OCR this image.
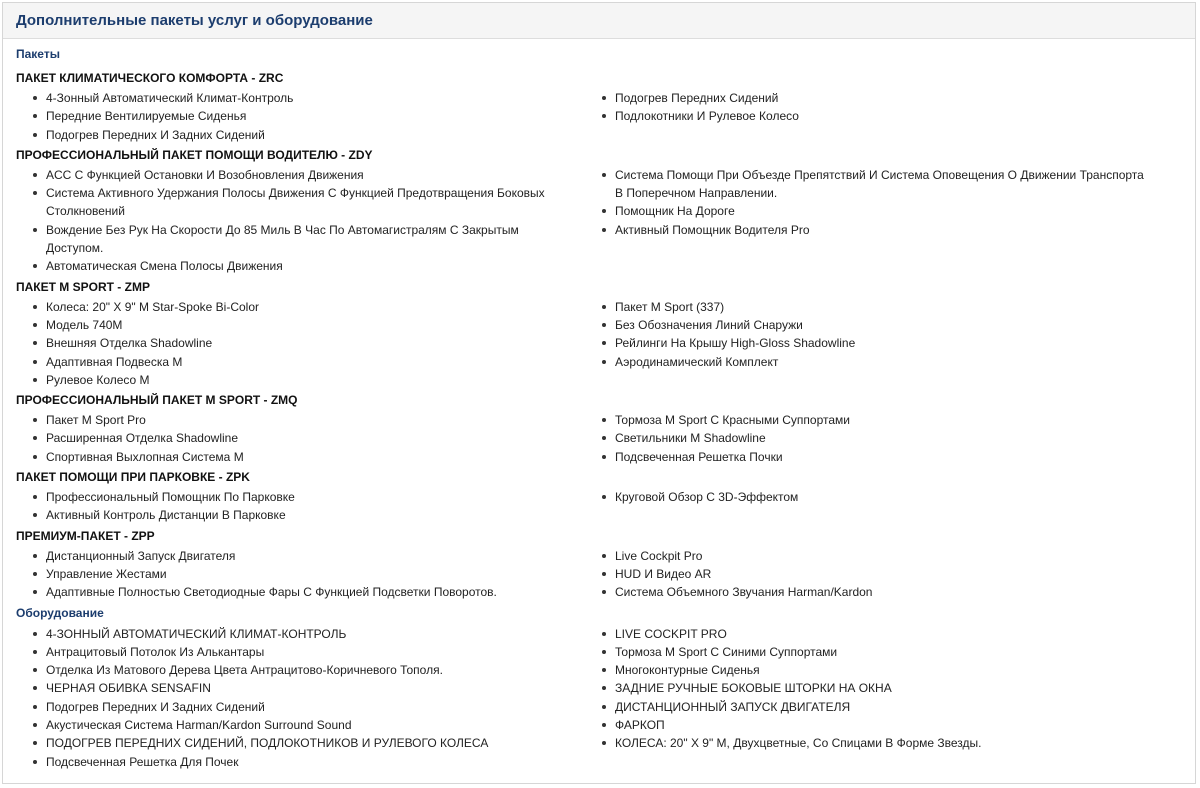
Дополнительные пакеты услуг и оборудование
Пакеты
ПАКЕТ КЛИМАТИЧЕСКОГО КОМФОРТА - ZRC
4-Зонный Автоматический Климат-Контроль
Передние Вентилируемые Сиденья
Подогрев Передних И Задних Сидений
Подогрев Передних Сидений
Подлокотники И Рулевое Колесо
ПРОФЕССИОНАЛЬНЫЙ ПАКЕТ ПОМОЩИ ВОДИТЕЛЮ - ZDY
ACC С Функцией Остановки И Возобновления Движения
Система Активного Удержания Полосы Движения С Функцией Предотвращения Боковых Столкновений
Вождение Без Рук На Скорости До 85 Миль В Час По Автомагистралям С Закрытым Доступом.
Автоматическая Смена Полосы Движения
Система Помощи При Объезде Препятствий И Система Оповещения О Движении Транспорта В Поперечном Направлении.
Помощник На Дороге
Активный Помощник Водителя Pro
ПАКЕТ M SPORT - ZMP
Колеса: 20" X 9" M Star-Spoke Bi-Color
Модель 740M
Внешняя Отделка Shadowline
Адаптивная Подвеска M
Рулевое Колесо M
Пакет M Sport (337)
Без Обозначения Линий Снаружи
Рейлинги На Крышу High-Gloss Shadowline
Аэродинамический Комплект
ПРОФЕССИОНАЛЬНЫЙ ПАКЕТ M SPORT - ZMQ
Пакет M Sport Pro
Расширенная Отделка Shadowline
Спортивная Выхлопная Система M
Тормоза M Sport С Красными Суппортами
Светильники M Shadowline
Подсвеченная Решетка Почки
ПАКЕТ ПОМОЩИ ПРИ ПАРКОВКЕ - ZPK
Профессиональный Помощник По Парковке
Активный Контроль Дистанции В Парковке
Круговой Обзор С 3D-Эффектом
ПРЕМИУМ-ПАКЕТ - ZPP
Дистанционный Запуск Двигателя
Управление Жестами
Адаптивные Полностью Светодиодные Фары С Функцией Подсветки Поворотов.
Live Cockpit Pro
HUD И Видео AR
Система Объемного Звучания Harman/Kardon
Оборудование
4-ЗОННЫЙ АВТОМАТИЧЕСКИЙ КЛИМАТ-КОНТРОЛЬ
Антрацитовый Потолок Из Алькантары
Отделка Из Матового Дерева Цвета Антрацитово-Коричневого Тополя.
ЧЕРНАЯ ОБИВКА SENSAFIN
Подогрев Передних И Задних Сидений
Акустическая Система Harman/Kardon Surround Sound
ПОДОГРЕВ ПЕРЕДНИХ СИДЕНИЙ, ПОДЛОКОТНИКОВ И РУЛЕВОГО КОЛЕСА
Подсвеченная Решетка Для Почек
LIVE COCKPIT PRO
Тормоза M Sport С Синими Суппортами
Многоконтурные Сиденья
ЗАДНИЕ РУЧНЫЕ БОКОВЫЕ ШТОРКИ НА ОКНА
ДИСТАНЦИОННЫЙ ЗАПУСК ДВИГАТЕЛЯ
ФАРКОП
КОЛЕСА: 20" X 9" M, Двухцветные, Со Спицами В Форме Звезды.
